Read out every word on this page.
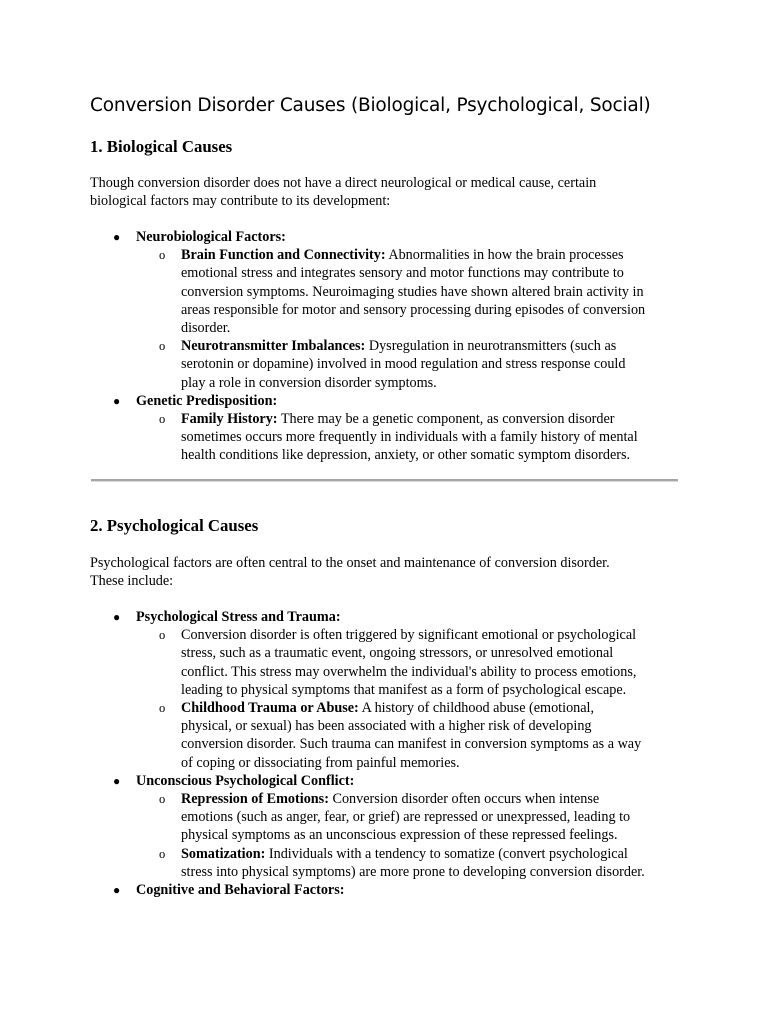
Conversion Disorder Causes (Biological, Psychological, Social)
1. Biological Causes

Though conversion disorder does not have a direct neurological or medical cause, certain
biological factors may contribute to its development:

● Neurobiological Factors:
o Brain Function and Connectivity: Abnormalities in how the brain processes
emotional stress and integrates sensory and motor functions may contribute to
conversion symptoms. Neuroimaging studies have shown altered brain activity in
areas responsible for motor and sensory processing during episodes of conversion
disorder.
o Neurotransmitter Imbalances: Dysregulation in neurotransmitters (such as
serotonin or dopamine) involved in mood regulation and stress response could
play a role in conversion disorder symptoms.
● Genetic Predisposition:
o Family History: There may be a genetic component, as conversion disorder
sometimes occurs more frequently in individuals with a family history of mental
health conditions like depression, anxiety, or other somatic symptom disorders.
2. Psychological Causes

Psychological factors are often central to the onset and maintenance of conversion disorder.
These include:

● Psychological Stress and Trauma:
o Conversion disorder is often triggered by significant emotional or psychological
stress, such as a traumatic event, ongoing stressors, or unresolved emotional
conflict. This stress may overwhelm the individual's ability to process emotions,
leading to physical symptoms that manifest as a form of psychological escape.
o Childhood Trauma or Abuse: A history of childhood abuse (emotional,
physical, or sexual) has been associated with a higher risk of developing
conversion disorder. Such trauma can manifest in conversion symptoms as a way
of coping or dissociating from painful memories.
● Unconscious Psychological Conflict:
o Repression of Emotions: Conversion disorder often occurs when intense
emotions (such as anger, fear, or grief) are repressed or unexpressed, leading to
physical symptoms as an unconscious expression of these repressed feelings.
o Somatization: Individuals with a tendency to somatize (convert psychological
stress into physical symptoms) are more prone to developing conversion disorder.
● Cognitive and Behavioral Factors:
